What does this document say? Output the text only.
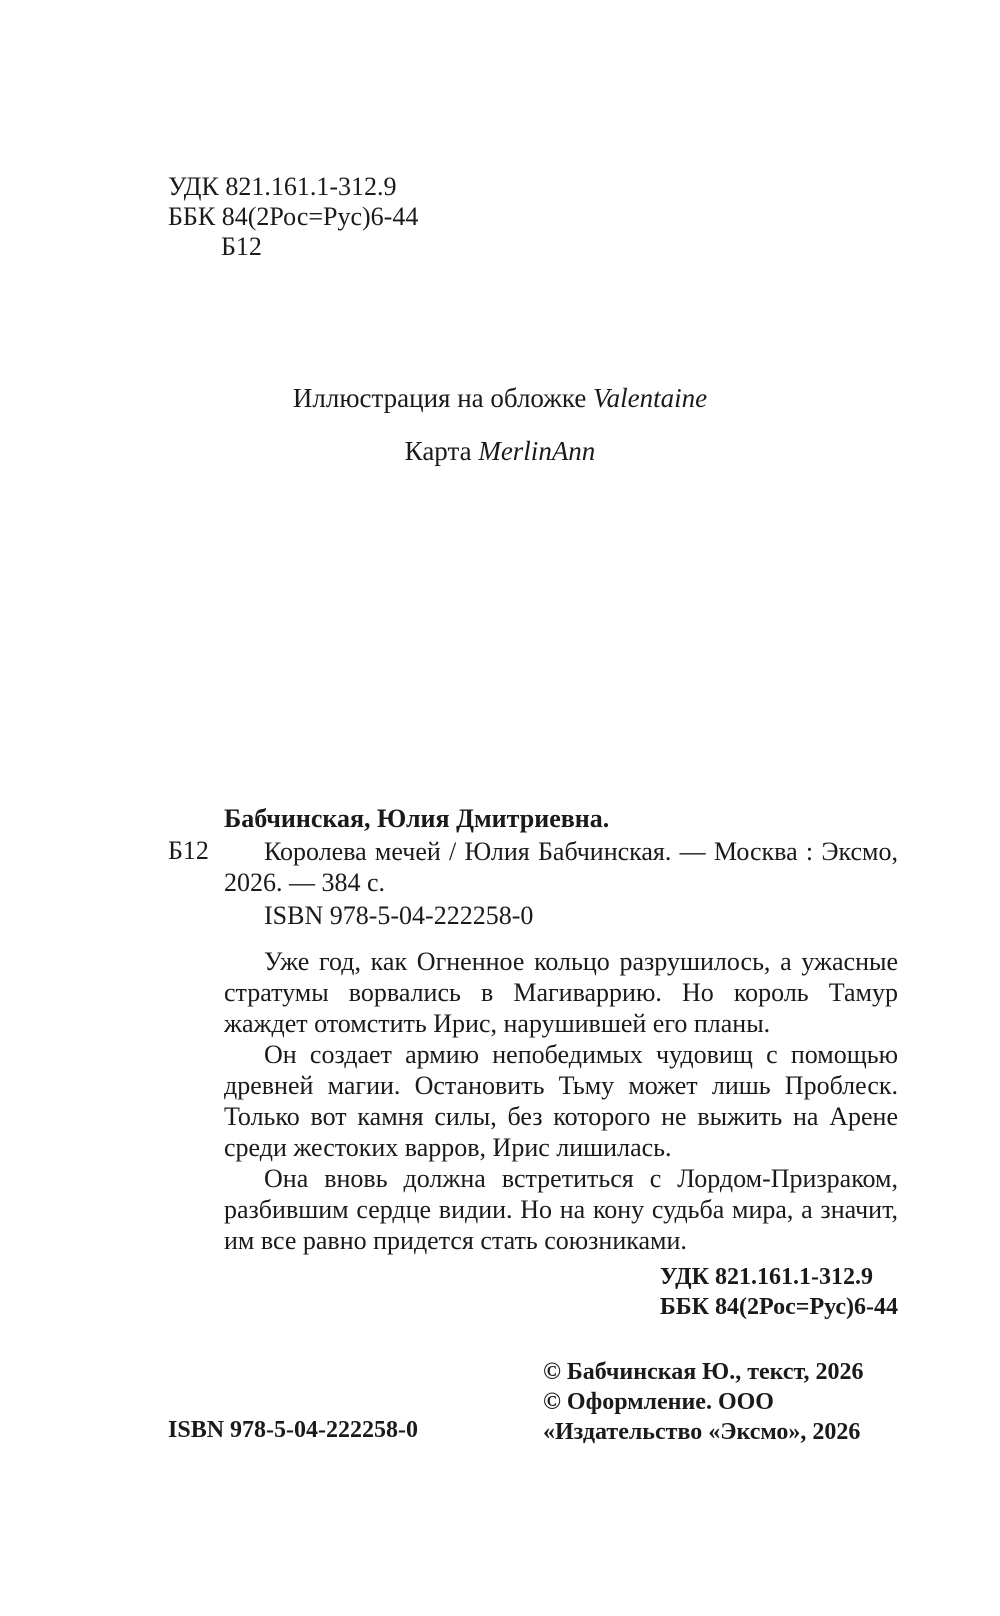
УДК 821.161.1-312.9
ББК 84(2Рос=Рус)6-44
Б12
Иллюстрация на обложке Valentaine
Карта MerlinAnn
Бабчинская, Юлия Дмитриевна.
Б12	Королева мечей / Юлия Бабчинская. — Москва : Эксмо, 2026. — 384 с.
ISBN 978-5-04-222258-0
Уже год, как Огненное кольцо разрушилось, а ужасные стратумы ворвались в Магиваррию. Но король Тамур жаждет отомстить Ирис, нарушившей его планы.
Он создает армию непобедимых чудовищ с помощью древней магии. Остановить Тьму может лишь Проблеск. Только вот камня силы, без которого не выжить на Арене среди жестоких варров, Ирис лишилась.
Она вновь должна встретиться с Лордом-Призраком, разбившим сердце видии. Но на кону судьба мира, а значит, им все равно придется стать союзниками.
УДК 821.161.1-312.9
ББК 84(2Рос=Рус)6-44
© Бабчинская Ю., текст, 2026
© Оформление. ООО
«Издательство «Эксмо», 2026
ISBN 978-5-04-222258-0
